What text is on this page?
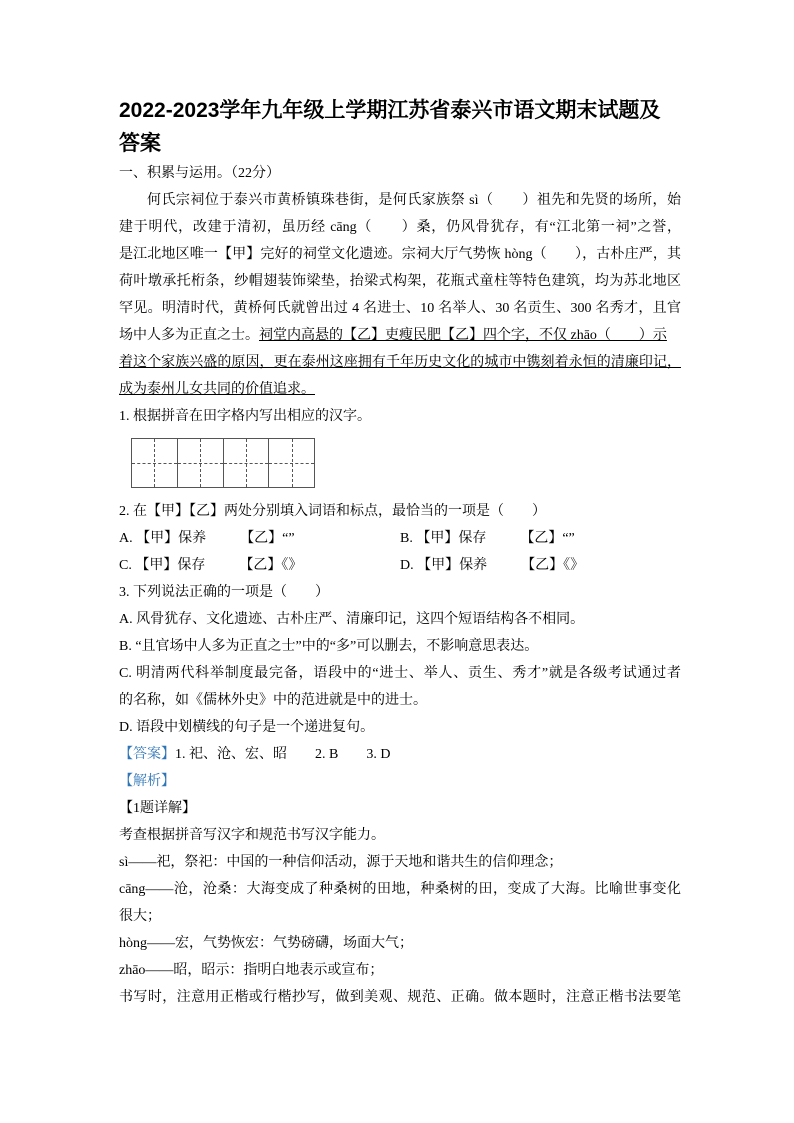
2022-2023学年九年级上学期江苏省泰兴市语文期末试题及
答案
一、积累与运用。（22分）
何氏宗祠位于泰兴市黄桥镇珠巷街，是何氏家族祭 sì（　　）祖先和先贤的场所，始
建于明代，改建于清初，虽历经 cāng（　　）桑，仍风骨犹存，有“江北第一祠”之誉，
是江北地区唯一【甲】完好的祠堂文化遗迹。宗祠大厅气势恢 hòng（　　），古朴庄严，其
荷叶墩承托桁条，纱帽翅装饰梁垫，抬梁式构架，花瓶式童柱等特色建筑，均为苏北地区
罕见。明清时代，黄桥何氏就曾出过 4 名进士、10 名举人、30 名贡生、300 名秀才，且官
场中人多为正直之士。祠堂内高悬的【乙】吏瘦民肥【乙】四个字，不仅 zhāo（　　）示
着这个家族兴盛的原因，更在泰州这座拥有千年历史文化的城市中镌刻着永恒的清廉印记，
成为泰州儿女共同的价值追求。
1. 根据拼音在田字格内写出相应的汉字。
2. 在【甲】【乙】两处分别填入词语和标点，最恰当的一项是（　　）
A. 【甲】保养 【乙】“”	B. 【甲】保存 【乙】“”
C. 【甲】保存 【乙】《》	D. 【甲】保养 【乙】《》
3. 下列说法正确的一项是（　　）
A. 风骨犹存、文化遗迹、古朴庄严、清廉印记，这四个短语结构各不相同。
B. “且官场中人多为正直之士”中的“多”可以删去，不影响意思表达。
C. 明清两代科举制度最完备，语段中的“进士、举人、贡生、秀才”就是各级考试通过者
的名称，如《儒林外史》中的范进就是中的进士。
D. 语段中划横线的句子是一个递进复句。
【答案】1. 祀、沧、宏、昭　　2. B　　3. D
【解析】
【1题详解】
考查根据拼音写汉字和规范书写汉字能力。
sì——祀，祭祀：中国的一种信仰活动，源于天地和谐共生的信仰理念；
cāng——沧，沧桑：大海变成了种桑树的田地，种桑树的田，变成了大海。比喻世事变化
很大；
hòng——宏，气势恢宏：气势磅礴，场面大气；
zhāo——昭，昭示：指明白地表示或宣布；
书写时，注意用正楷或行楷抄写，做到美观、规范、正确。做本题时，注意正楷书法要笔
